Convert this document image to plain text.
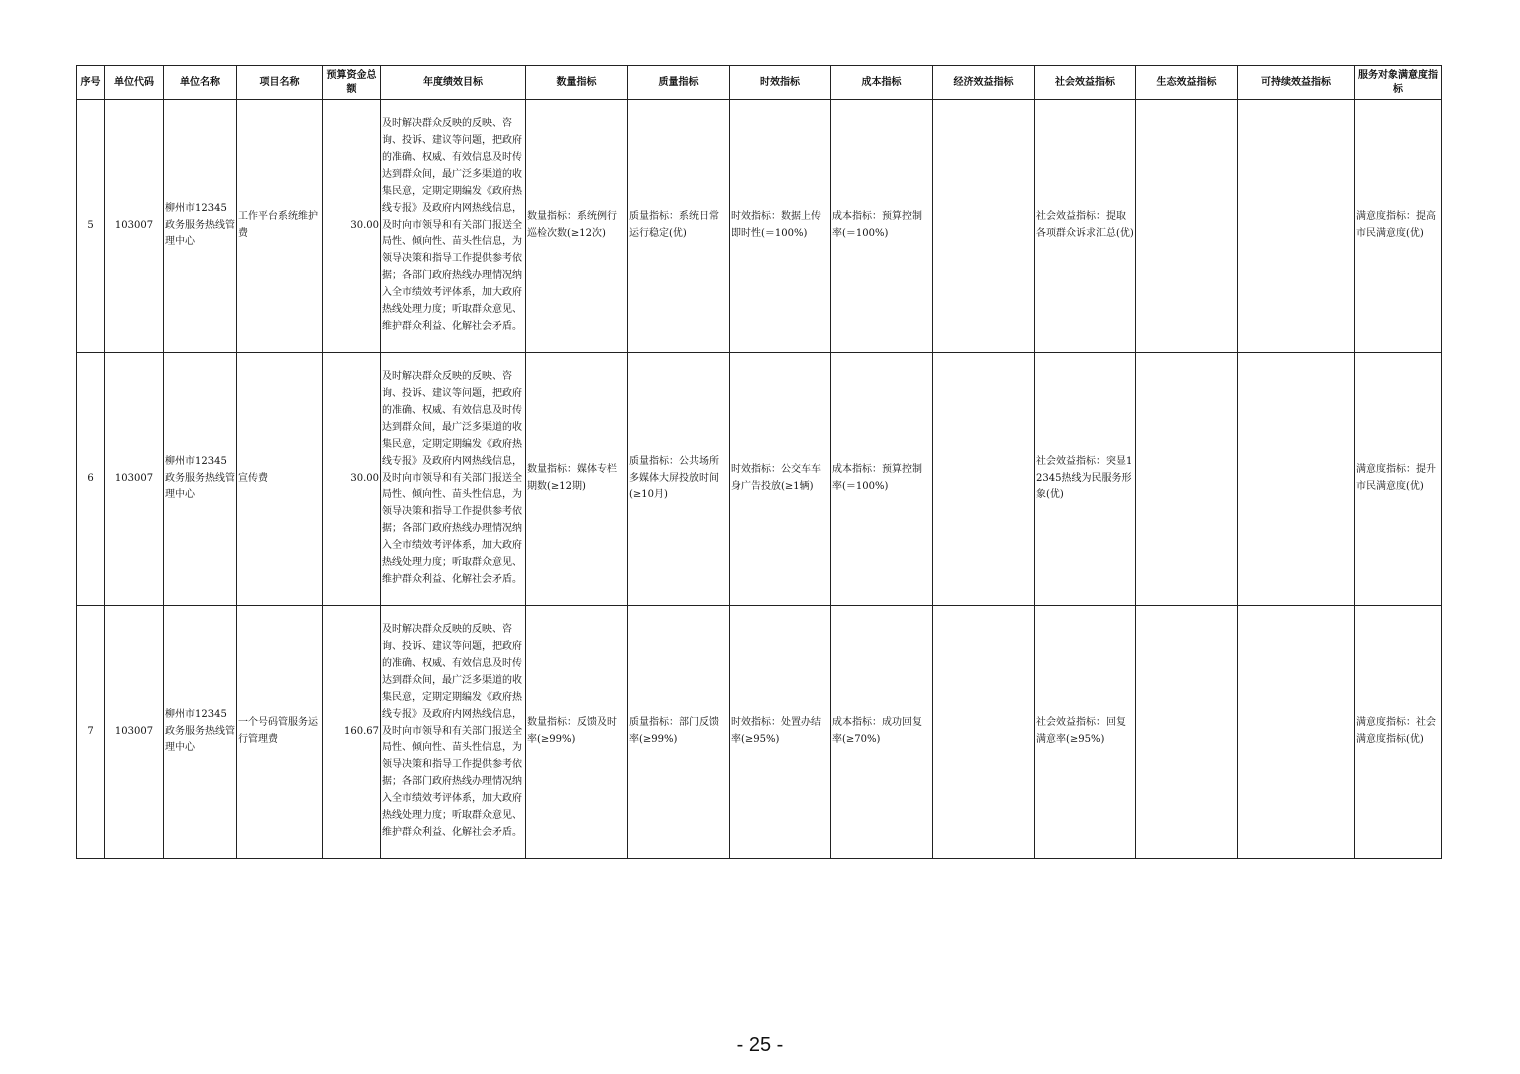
序号	单位代码	单位名称	项目名称	预算资金总额	年度绩效目标	数量指标	质量指标	时效指标	成本指标	经济效益指标	社会效益指标	生态效益指标	可持续效益指标	服务对象满意度指标
5	103007	柳州市12345政务服务热线管理中心	工作平台系统维护费	30.00	及时解决群众反映的反映、咨询、投诉、建议等问题，把政府的准确、权威、有效信息及时传达到群众间，最广泛多渠道的收集民意，定期定期编发《政府热线专报》及政府内网热线信息，及时向市领导和有关部门报送全局性、倾向性、苗头性信息，为领导决策和指导工作提供参考依据；各部门政府热线办理情况纳入全市绩效考评体系，加大政府热线处理力度；听取群众意见、维护群众利益、化解社会矛盾。	数量指标：系统例行巡检次数(≥12次)	质量指标：系统日常运行稳定(优)	时效指标：数据上传即时性(＝100%)	成本指标：预算控制率(＝100%)		社会效益指标：提取各项群众诉求汇总(优)			满意度指标：提高市民满意度(优)
6	103007	柳州市12345政务服务热线管理中心	宣传费	30.00	及时解决群众反映的反映、咨询、投诉、建议等问题，把政府的准确、权威、有效信息及时传达到群众间，最广泛多渠道的收集民意，定期定期编发《政府热线专报》及政府内网热线信息，及时向市领导和有关部门报送全局性、倾向性、苗头性信息，为领导决策和指导工作提供参考依据；各部门政府热线办理情况纳入全市绩效考评体系，加大政府热线处理力度；听取群众意见、维护群众利益、化解社会矛盾。	数量指标：媒体专栏期数(≥12期)	质量指标：公共场所多媒体大屏投放时间(≥10月)	时效指标：公交车车身广告投放(≥1辆)	成本指标：预算控制率(＝100%)		社会效益指标：突显12345热线为民服务形象(优)			满意度指标：提升市民满意度(优)
7	103007	柳州市12345政务服务热线管理中心	一个号码管服务运行管理费	160.67	及时解决群众反映的反映、咨询、投诉、建议等问题，把政府的准确、权威、有效信息及时传达到群众间，最广泛多渠道的收集民意，定期定期编发《政府热线专报》及政府内网热线信息，及时向市领导和有关部门报送全局性、倾向性、苗头性信息，为领导决策和指导工作提供参考依据；各部门政府热线办理情况纳入全市绩效考评体系，加大政府热线处理力度；听取群众意见、维护群众利益、化解社会矛盾。	数量指标：反馈及时率(≥99%)	质量指标：部门反馈率(≥99%)	时效指标：处置办结率(≥95%)	成本指标：成功回复率(≥70%)		社会效益指标：回复满意率(≥95%)			满意度指标：社会满意度指标(优)
- 25 -
